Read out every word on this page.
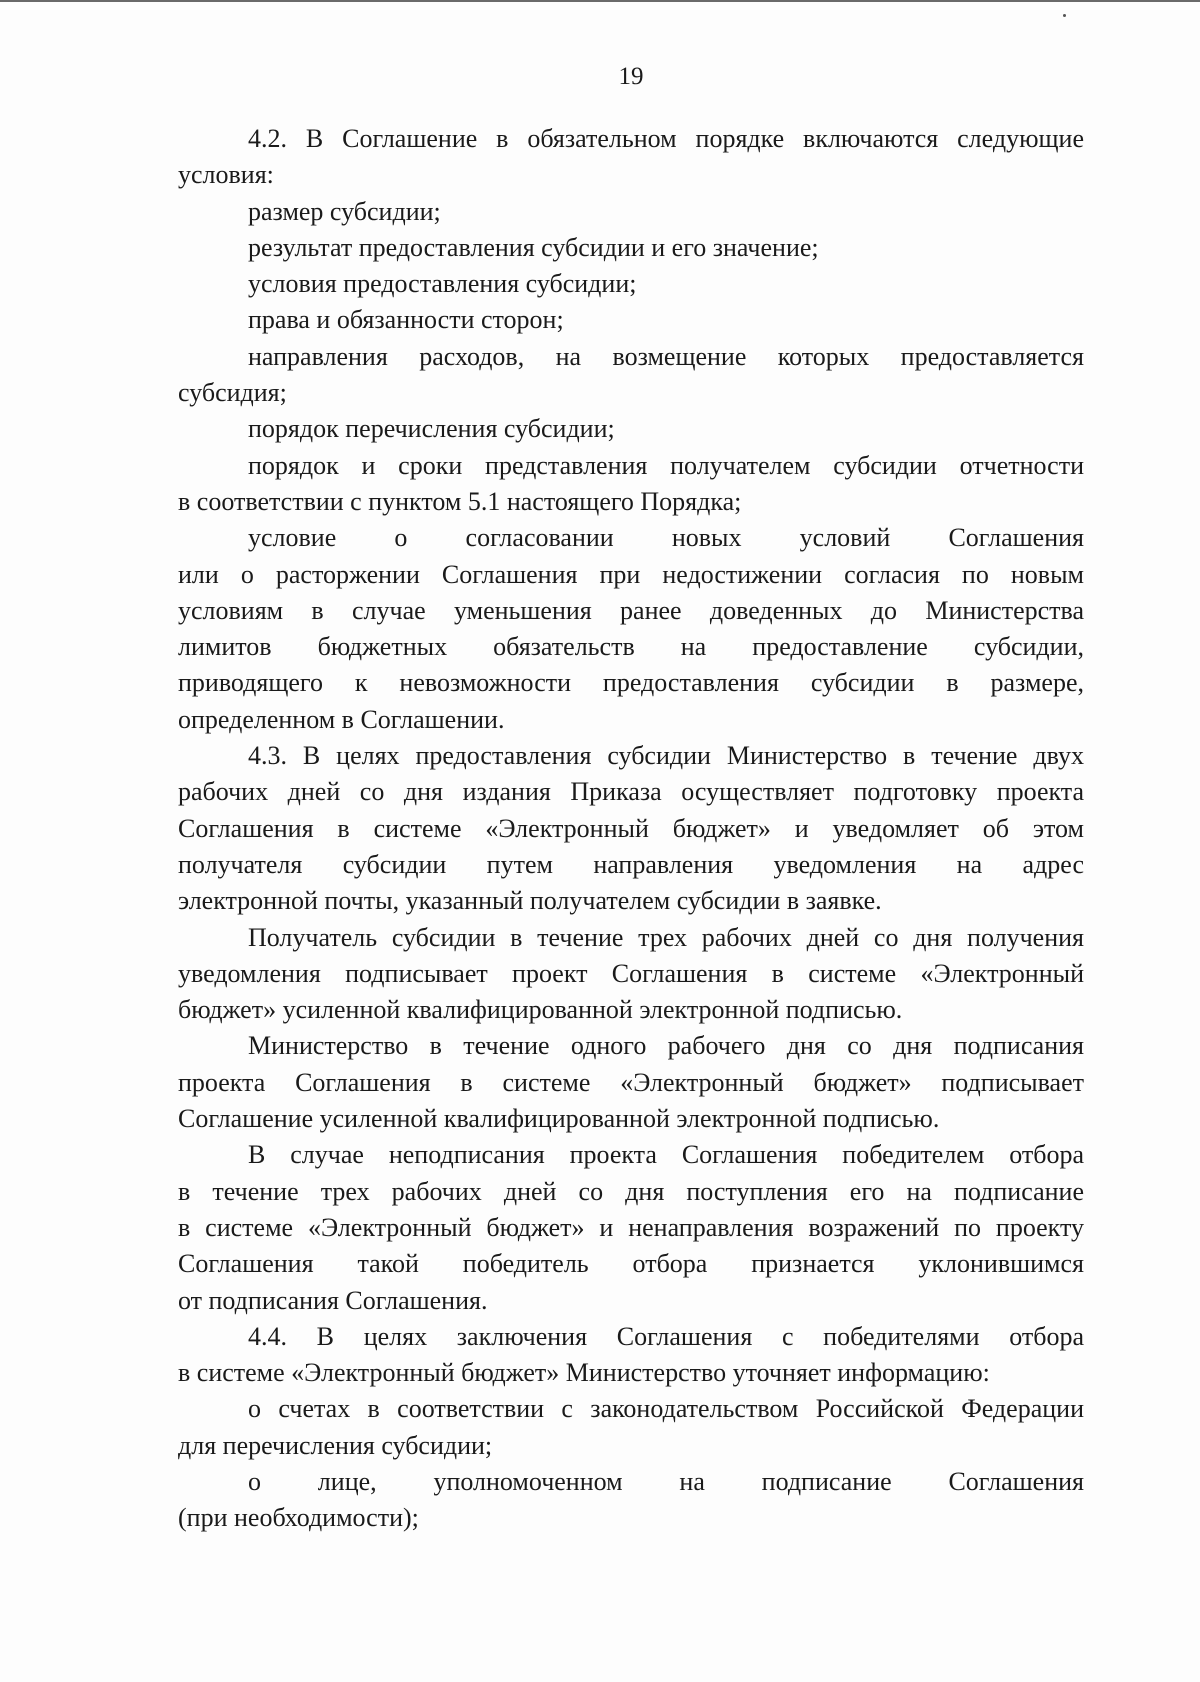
19

4.2. В Соглашение в обязательном порядке включаются следующие
условия:

размер субсидии;

результат предоставления субсидии и его значение;

условия предоставления субсидии;

права и обязанности сторон;

направления расходов, на возмещение которых предоставляется
субсидия;

порядок перечисления субсидии;

порядок и сроки представления получателем субсидии отчетности
в соответствии с пунктом 5.1 настоящего Порядка;

условие о согласовании новых условий Соглашения
или о расторжении Соглашения при недостижении согласия по новым
условиям в случае уменьшения ранее доведенных до Министерства
лимитов бюджетных обязательств на предоставление субсидии,
приводящего к невозможности предоставления субсидии в размере,
определенном в Соглашении.

4.3. В целях предоставления субсидии Министерство в течение двух
рабочих дней со дня издания Приказа осуществляет подготовку проекта
Соглашения в системе «Электронный бюджет» и уведомляет об этом
получателя субсидии путем направления уведомления на адрес
электронной почты, указанный получателем субсидии в заявке.

Получатель субсидии в течение трех рабочих дней со дня получения
уведомления подписывает проект Соглашения в системе «Электронный
бюджет» усиленной квалифицированной электронной подписью.

Министерство в течение одного рабочего дня со дня подписания
проекта Соглашения в системе «Электронный бюджет» подписывает
Соглашение усиленной квалифицированной электронной подписью.

В случае неподписания проекта Соглашения победителем отбора
в течение трех рабочих дней со дня поступления его на подписание
в системе «Электронный бюджет» и ненаправления возражений по проекту
Соглашения такой победитель отбора признается уклонившимся
от подписания Соглашения.

4.4. В целях заключения Соглашения с победителями отбора
в системе «Электронный бюджет» Министерство уточняет информацию:

о счетах в соответствии с законодательством Российской Федерации
для перечисления субсидии;

о лице, уполномоченном на подписание Соглашения
(при необходимости);
